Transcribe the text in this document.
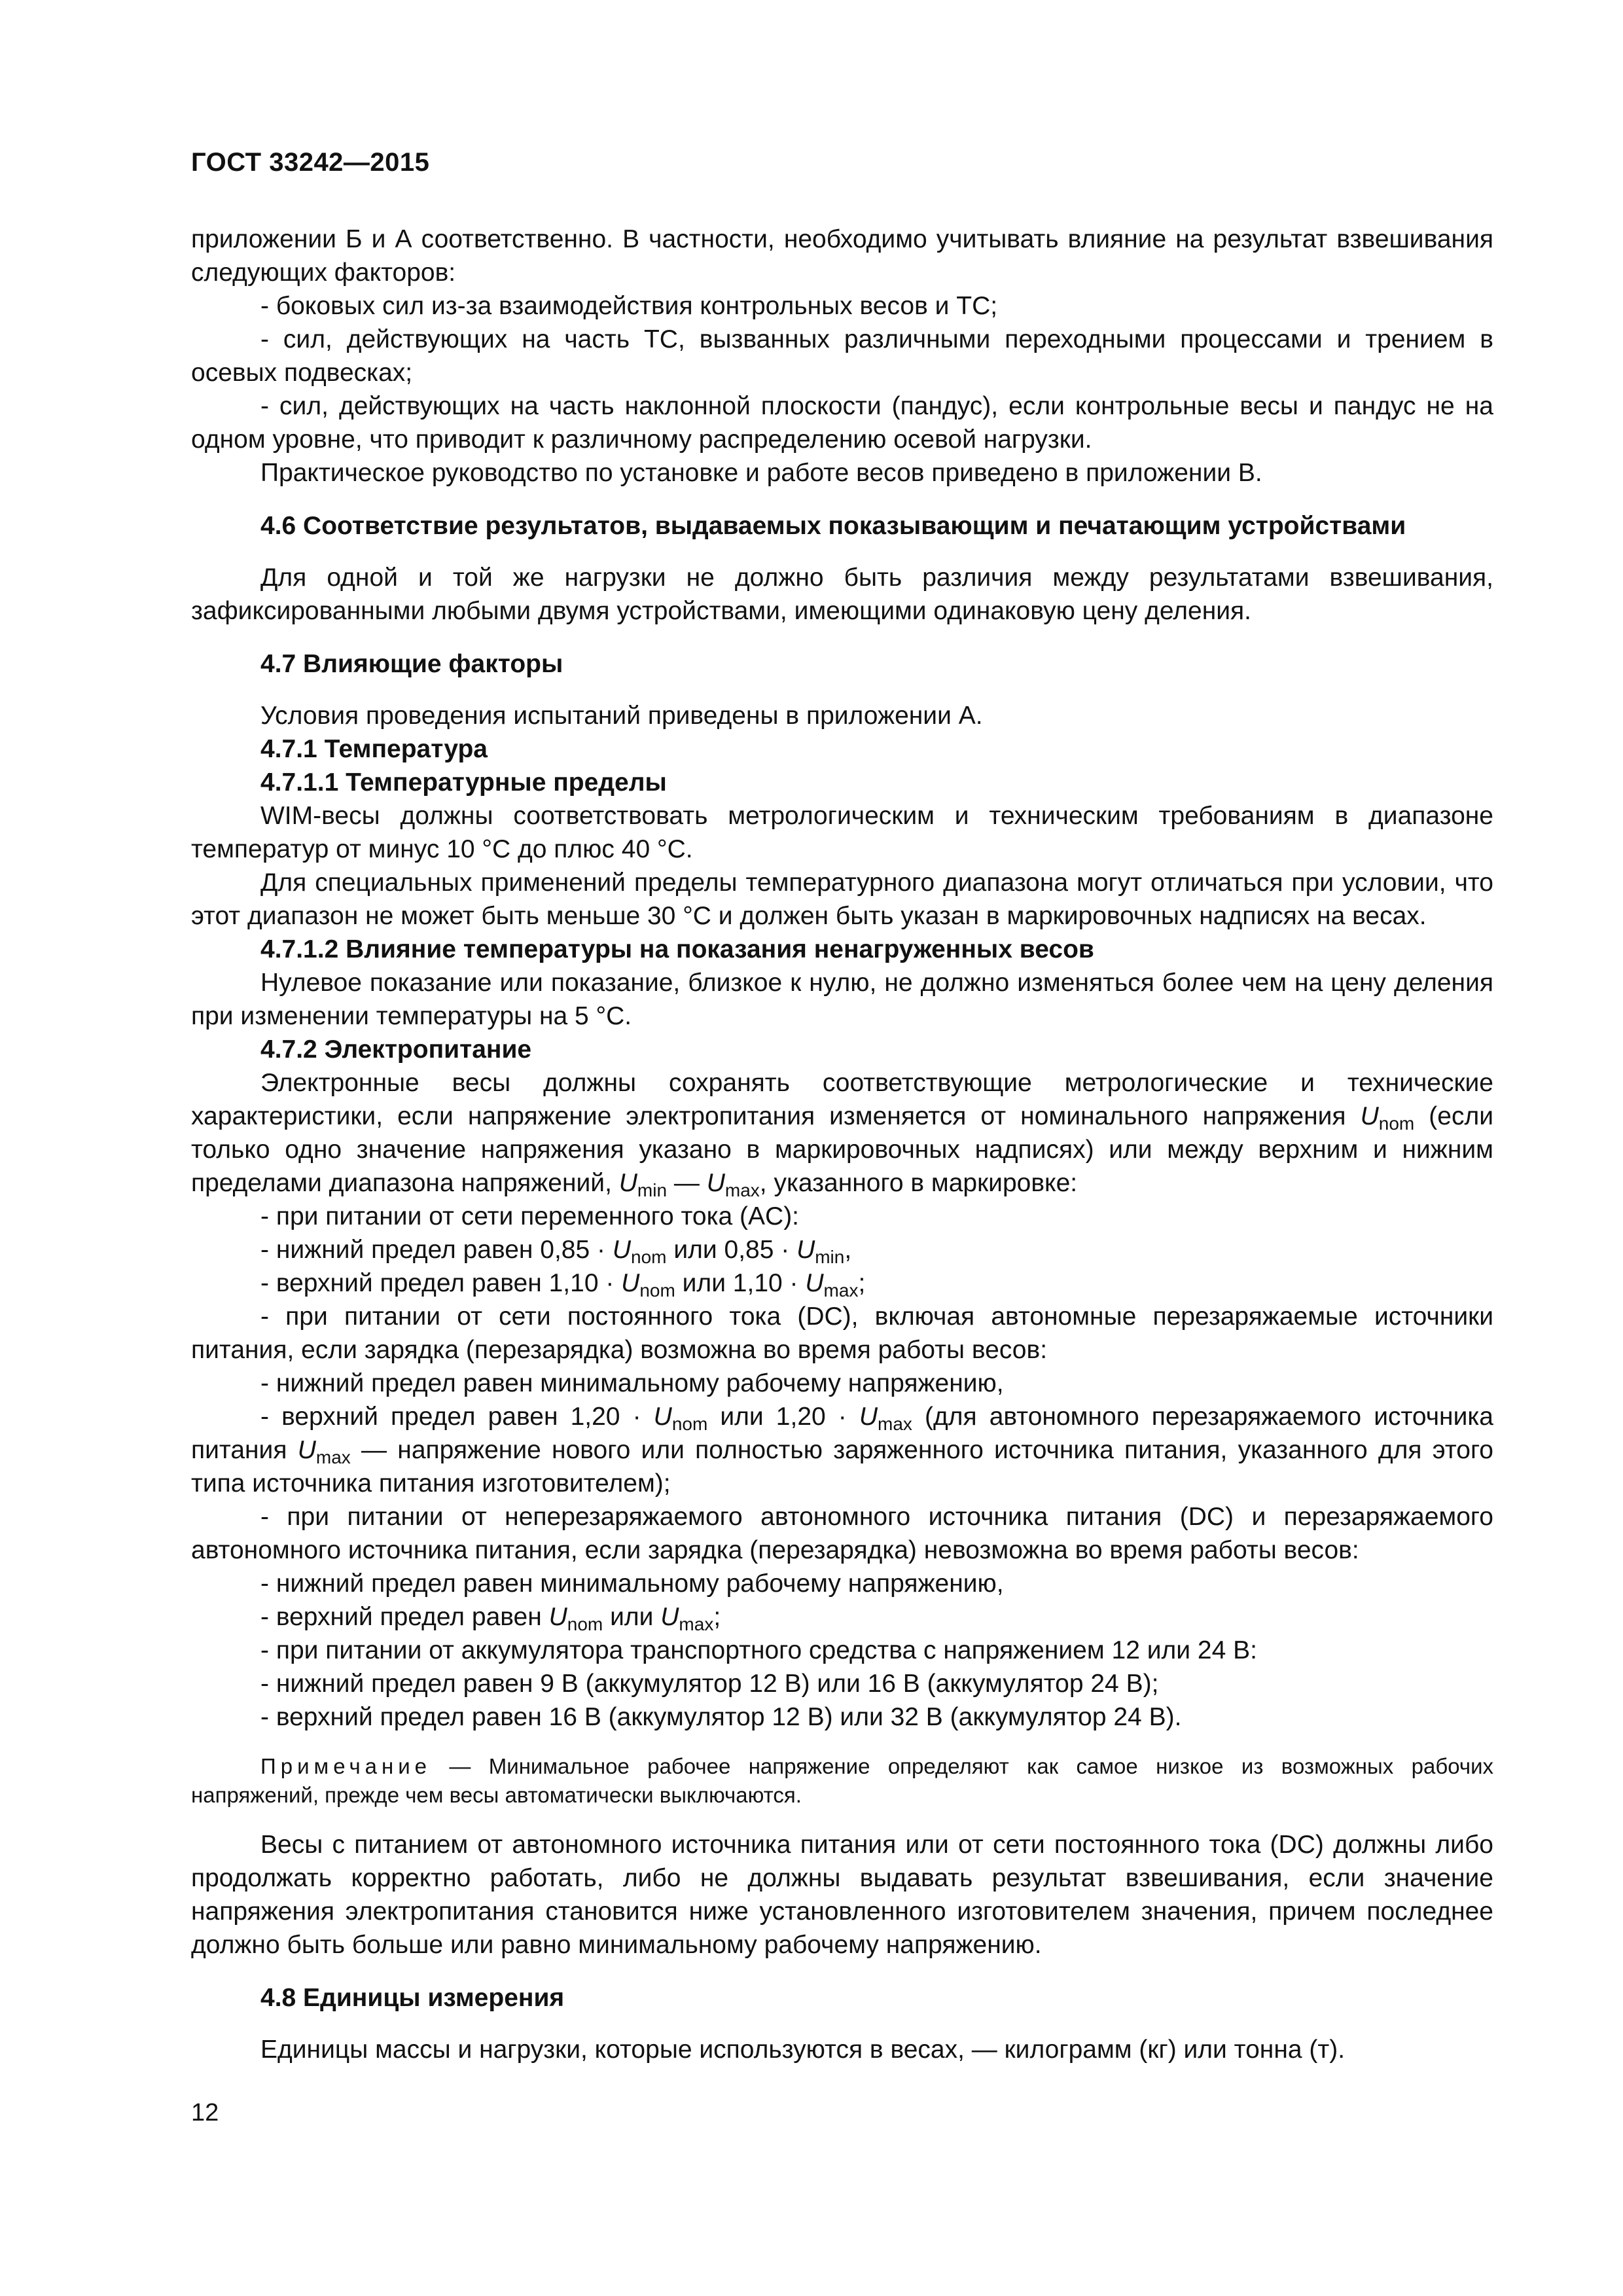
ГОСТ 33242—2015

приложении Б и А соответственно. В частности, необходимо учитывать влияние на результат взвешивания следующих факторов:

- боковых сил из-за взаимодействия контрольных весов и ТС;

- сил, действующих на часть ТС, вызванных различными переходными процессами и трением в осевых подвесках;

- сил, действующих на часть наклонной плоскости (пандус), если контрольные весы и пандус не на одном уровне, что приводит к различному распределению осевой нагрузки.

Практическое руководство по установке и работе весов приведено в приложении В.

4.6 Соответствие результатов, выдаваемых показывающим и печатающим устройствами

Для одной и той же нагрузки не должно быть различия между результатами взвешивания, зафиксированными любыми двумя устройствами, имеющими одинаковую цену деления.

4.7 Влияющие факторы

Условия проведения испытаний приведены в приложении А.

4.7.1 Температура

4.7.1.1 Температурные пределы

WIM-весы должны соответствовать метрологическим и техническим требованиям в диапазоне температур от минус 10 °С до плюс 40 °С.

Для специальных применений пределы температурного диапазона могут отличаться при условии, что этот диапазон не может быть меньше 30 °С и должен быть указан в маркировочных надписях на весах.

4.7.1.2 Влияние температуры на показания ненагруженных весов

Нулевое показание или показание, близкое к нулю, не должно изменяться более чем на цену деления при изменении температуры на 5 °С.

4.7.2 Электропитание

Электронные весы должны сохранять соответствующие метрологические и технические характеристики, если напряжение электропитания изменяется от номинального напряжения $U_{nom}$ (если только одно значение напряжения указано в маркировочных надписях) или между верхним и нижним пределами диапазона напряжений, $U_{min}$ — $U_{max}$, указанного в маркировке:

- при питании от сети переменного тока (AC):

- нижний предел равен $0,85 \cdot U_{nom}$ или $0,85 \cdot U_{min}$,

- верхний предел равен $1,10 \cdot U_{nom}$ или $1,10 \cdot U_{max}$;

- при питании от сети постоянного тока (DC), включая автономные перезаряжаемые источники питания, если зарядка (перезарядка) возможна во время работы весов:

- нижний предел равен минимальному рабочему напряжению,

- верхний предел равен $1,20 \cdot U_{nom}$ или $1,20 \cdot U_{max}$ (для автономного перезаряжаемого источника питания $U_{max}$ — напряжение нового или полностью заряженного источника питания, указанного для этого типа источника питания изготовителем);

- при питании от неперезаряжаемого автономного источника питания (DC) и перезаряжаемого автономного источника питания, если зарядка (перезарядка) невозможна во время работы весов:

- нижний предел равен минимальному рабочему напряжению,

- верхний предел равен $U_{nom}$ или $U_{max}$;

- при питании от аккумулятора транспортного средства с напряжением 12 или 24 В:

- нижний предел равен 9 В (аккумулятор 12 В) или 16 В (аккумулятор 24 В);

- верхний предел равен 16 В (аккумулятор 12 В) или 32 В (аккумулятор 24 В).

Примечание — Минимальное рабочее напряжение определяют как самое низкое из возможных рабочих напряжений, прежде чем весы автоматически выключаются.

Весы с питанием от автономного источника питания или от сети постоянного тока (DC) должны либо продолжать корректно работать, либо не должны выдавать результат взвешивания, если значение напряжения электропитания становится ниже установленного изготовителем значения, причем последнее должно быть больше или равно минимальному рабочему напряжению.

4.8 Единицы измерения

Единицы массы и нагрузки, которые используются в весах, — килограмм (кг) или тонна (т).

12
